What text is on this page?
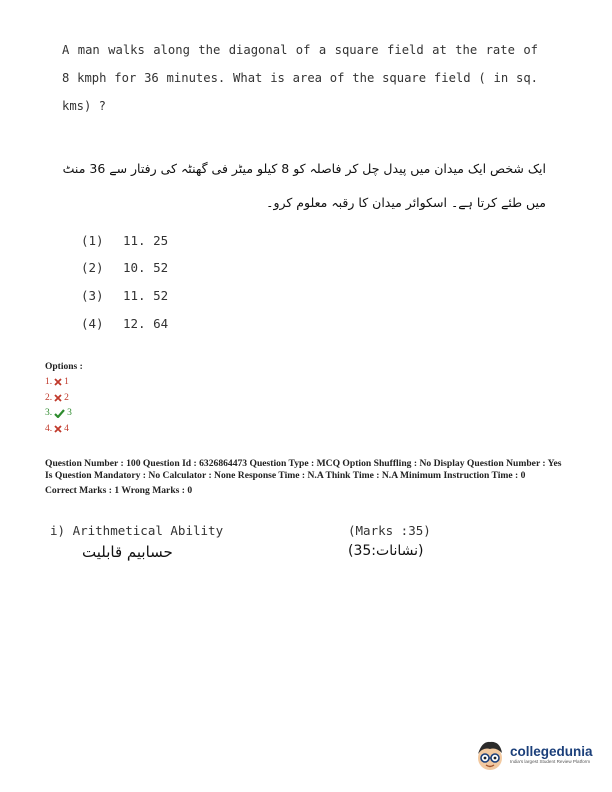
A man walks along the diagonal of a square field at the rate of 8 kmph for 36 minutes. What is area of the square field ( in sq. kms) ?
ایک شخص ایک میدان میں پیدل چل کر فاصلہ کو 8 کیلو میٹر فی گھنٹہ کی رفتار سے 36 منٹ میں طئے کرتا ہے۔ اسکوائر میدان کا رقبہ معلوم کرو۔
(1) 11. 25
(2) 10. 52
(3) 11. 52
(4) 12. 64
Options :
1. 1
2. 2
3. 3
4. 4
Question Number : 100 Question Id : 6326864473 Question Type : MCQ Option Shuffling : No Display Question Number : Yes Is Question Mandatory : No Calculator : None Response Time : N.A Think Time : N.A Minimum Instruction Time : 0
Correct Marks : 1 Wrong Marks : 0
i) Arithmetical Ability	(Marks :35)
حسابیم قابلیت	(نشانات:35)
collegedunia
India's largest Student Review Platform
